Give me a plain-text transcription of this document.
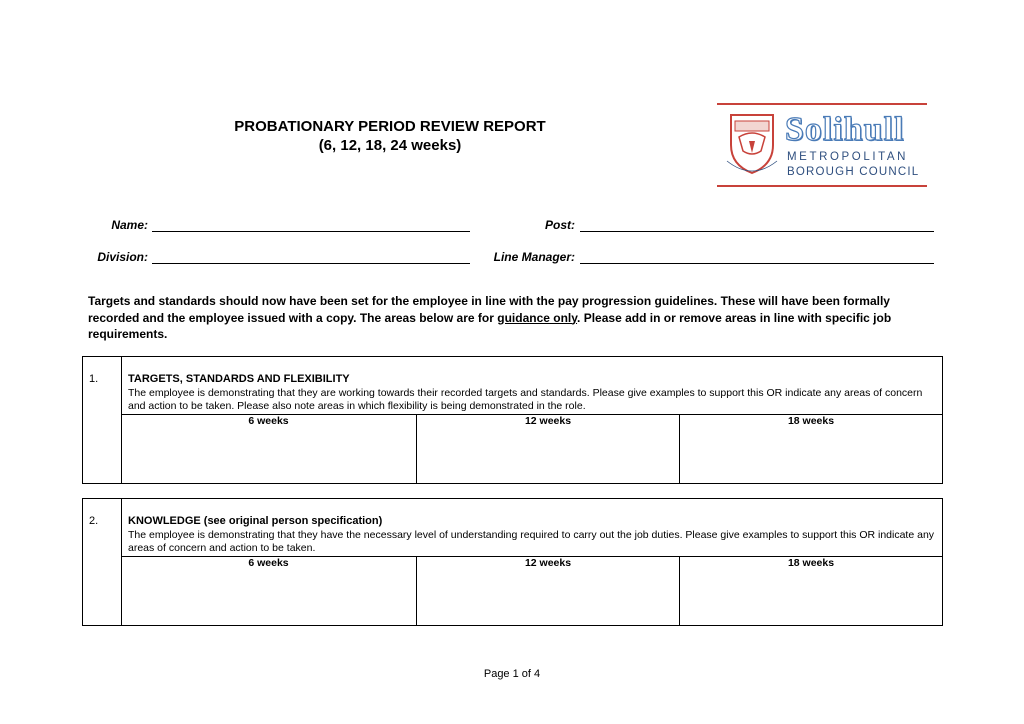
PROBATIONARY PERIOD REVIEW REPORT
(6, 12, 18, 24 weeks)	Solihull
METROPOLITAN
BOROUGH COUNCIL
Name:	Post:
Division:	Line Manager:
Targets and standards should now have been set for the employee in line with the pay progression guidelines. These will have been formally recorded and the employee issued with a copy. The areas below are for guidance only. Please add in or remove areas in line with specific job requirements.
1.	TARGETS, STANDARDS AND FLEXIBILITY
The employee is demonstrating that they are working towards their recorded targets and standards. Please give examples to support this OR indicate any areas of concern and action to be taken. Please also note areas in which flexibility is being demonstrated in the role.
6 weeks	12 weeks	18 weeks
2.	KNOWLEDGE (see original person specification)
The employee is demonstrating that they have the necessary level of understanding required to carry out the job duties. Please give examples to support this OR indicate any areas of concern and action to be taken.
6 weeks	12 weeks	18 weeks
Page 1 of 4
